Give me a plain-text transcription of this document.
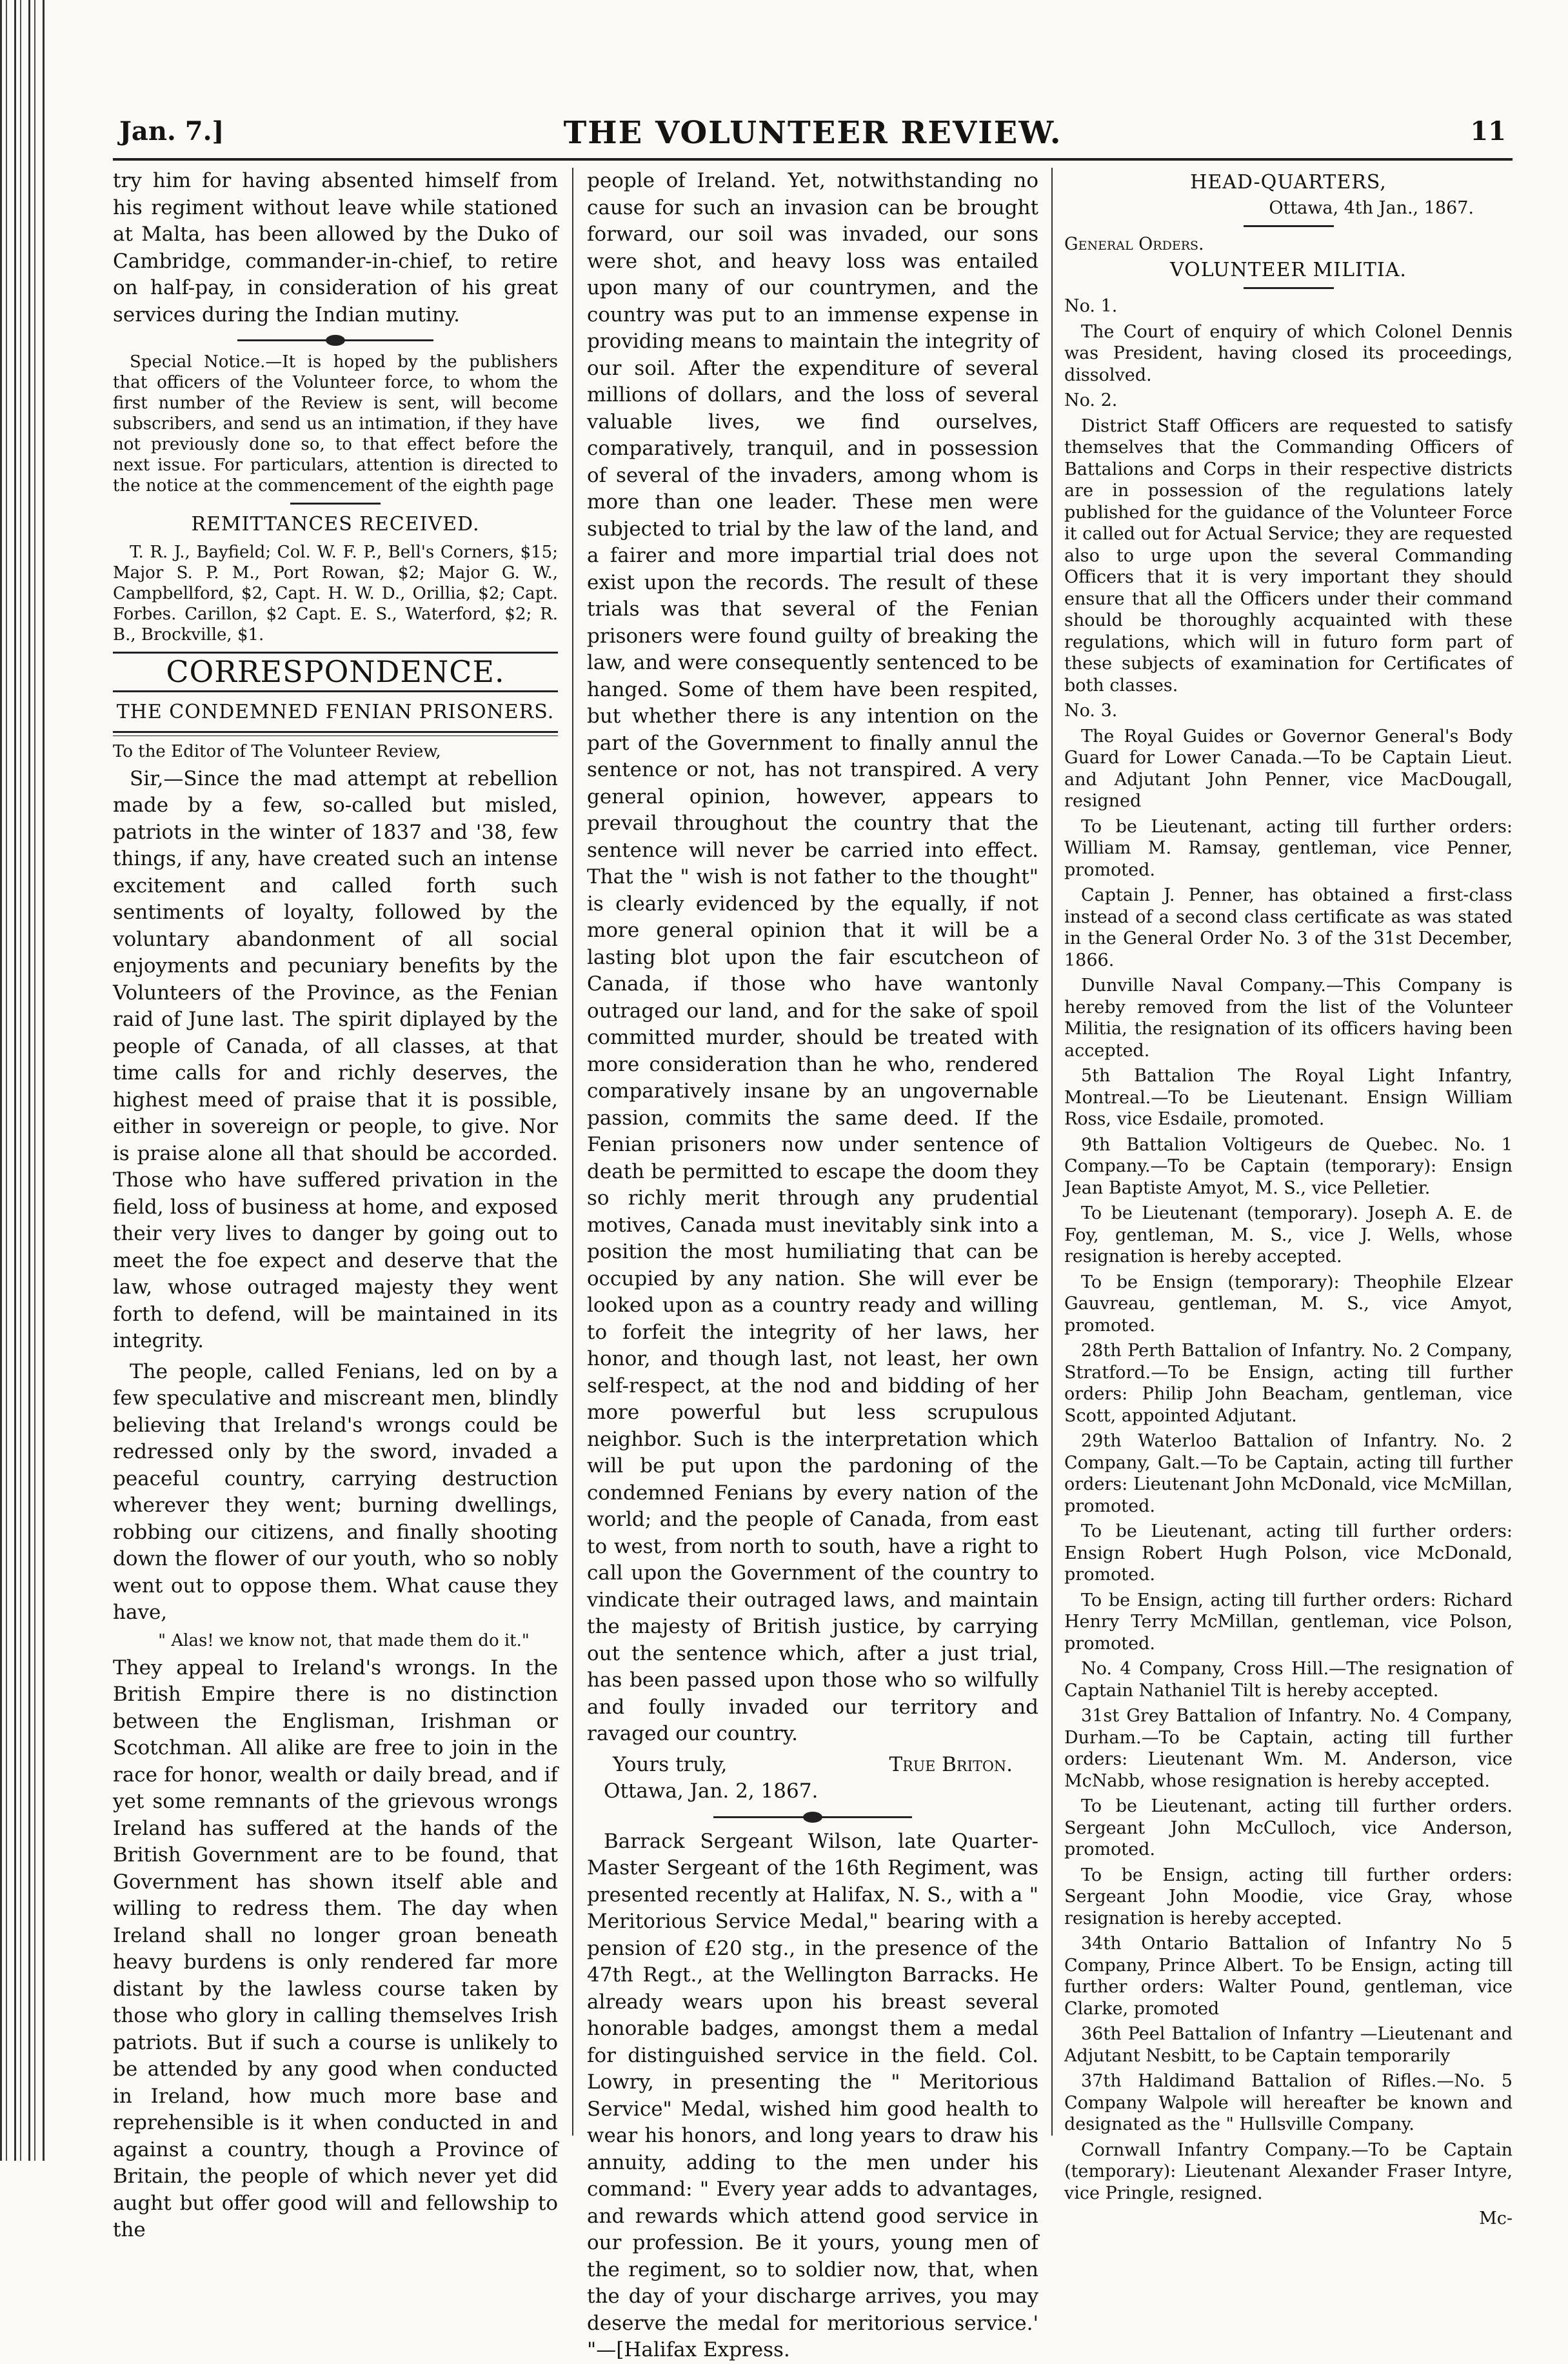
Jan. 7.]	THE VOLUNTEER REVIEW.	11

try him for having absented himself from his regiment without leave while stationed at Malta, has been allowed by the Duko of Cambridge, commander-in-chief, to retire on half-pay, in consideration of his great services during the Indian mutiny.

Special Notice.—It is hoped by the publishers that officers of the Volunteer force, to whom the first number of the Review is sent, will become subscribers, and send us an intimation, if they have not previously done so, to that effect before the next issue. For particulars, attention is directed to the notice at the commencement of the eighth page

REMITTANCES RECEIVED.

T. R. J., Bayfield; Col. W. F. P., Bell's Corners, $15; Major S. P. M., Port Rowan, $2; Major G. W., Campbellford, $2, Capt. H. W. D., Orillia, $2; Capt. Forbes. Carillon, $2 Capt. E. S., Waterford, $2; R. B., Brockville, $1.

CORRESPONDENCE.
THE CONDEMNED FENIAN PRISONERS.

To the Editor of The Volunteer Review,

Sir,—Since the mad attempt at rebellion made by a few, so-called but misled, patriots in the winter of 1837 and '38, few things, if any, have created such an intense excitement and called forth such sentiments of loyalty, followed by the voluntary abandonment of all social enjoyments and pecuniary benefits by the Volunteers of the Province, as the Fenian raid of June last. The spirit diplayed by the people of Canada, of all classes, at that time calls for and richly deserves, the highest meed of praise that it is possible, either in sovereign or people, to give. Nor is praise alone all that should be accorded. Those who have suffered privation in the field, loss of business at home, and exposed their very lives to danger by going out to meet the foe expect and deserve that the law, whose outraged majesty they went forth to defend, will be maintained in its integrity.

The people, called Fenians, led on by a few speculative and miscreant men, blindly believing that Ireland's wrongs could be redressed only by the sword, invaded a peaceful country, carrying destruction wherever they went; burning dwellings, robbing our citizens, and finally shooting down the flower of our youth, who so nobly went out to oppose them. What cause they have,

" Alas! we know not, that made them do it."

They appeal to Ireland's wrongs. In the British Empire there is no distinction between the Englisman, Irishman or Scotchman. All alike are free to join in the race for honor, wealth or daily bread, and if yet some remnants of the grievous wrongs Ireland has suffered at the hands of the British Government are to be found, that Government has shown itself able and willing to redress them. The day when Ireland shall no longer groan beneath heavy burdens is only rendered far more distant by the lawless course taken by those who glory in calling themselves Irish patriots. But if such a course is unlikely to be attended by any good when conducted in Ireland, how much more base and reprehensible is it when conducted in and against a country, though a Province of Britain, the people of which never yet did aught but offer good will and fellowship to the

people of Ireland. Yet, notwithstanding no cause for such an invasion can be brought forward, our soil was invaded, our sons were shot, and heavy loss was entailed upon many of our countrymen, and the country was put to an immense expense in providing means to maintain the integrity of our soil. After the expenditure of several millions of dollars, and the loss of several valuable lives, we find ourselves, comparatively, tranquil, and in possession of several of the invaders, among whom is more than one leader. These men were subjected to trial by the law of the land, and a fairer and more impartial trial does not exist upon the records. The result of these trials was that several of the Fenian prisoners were found guilty of breaking the law, and were consequently sentenced to be hanged. Some of them have been respited, but whether there is any intention on the part of the Government to finally annul the sentence or not, has not transpired. A very general opinion, however, appears to prevail throughout the country that the sentence will never be carried into effect. That the " wish is not father to the thought" is clearly evidenced by the equally, if not more general opinion that it will be a lasting blot upon the fair escutcheon of Canada, if those who have wantonly outraged our land, and for the sake of spoil committed murder, should be treated with more consideration than he who, rendered comparatively insane by an ungovernable passion, commits the same deed. If the Fenian prisoners now under sentence of death be permitted to escape the doom they so richly merit through any prudential motives, Canada must inevitably sink into a position the most humiliating that can be occupied by any nation. She will ever be looked upon as a country ready and willing to forfeit the integrity of her laws, her honor, and though last, not least, her own self-respect, at the nod and bidding of her more powerful but less scrupulous neighbor. Such is the interpretation which will be put upon the pardoning of the condemned Fenians by every nation of the world; and the people of Canada, from east to west, from north to south, have a right to call upon the Government of the country to vindicate their outraged laws, and maintain the majesty of British justice, by carrying out the sentence which, after a just trial, has been passed upon those who so wilfully and foully invaded our territory and ravaged our country.

Yours truly,	True Briton.

Ottawa, Jan. 2, 1867.

Barrack Sergeant Wilson, late Quarter-Master Sergeant of the 16th Regiment, was presented recently at Halifax, N. S., with a " Meritorious Service Medal," bearing with a pension of £20 stg., in the presence of the 47th Regt., at the Wellington Barracks. He already wears upon his breast several honorable badges, amongst them a medal for distinguished service in the field. Col. Lowry, in presenting the " Meritorious Service" Medal, wished him good health to wear his honors, and long years to draw his annuity, adding to the men under his command: " Every year adds to advantages, and rewards which attend good service in our profession. Be it yours, young men of the regiment, so to soldier now, that, when the day of your discharge arrives, you may deserve the medal for meritorious service.' "—[Halifax Express.

HEAD-QUARTERS,
Ottawa, 4th Jan., 1867.

General Orders.

VOLUNTEER MILITIA.

No. 1.

The Court of enquiry of which Colonel Dennis was President, having closed its proceedings, dissolved.

No. 2.

District Staff Officers are requested to satisfy themselves that the Commanding Officers of Battalions and Corps in their respective districts are in possession of the regulations lately published for the guidance of the Volunteer Force it called out for Actual Service; they are requested also to urge upon the several Commanding Officers that it is very important they should ensure that all the Officers under their command should be thoroughly acquainted with these regulations, which will in futuro form part of these subjects of examination for Certificates of both classes.

No. 3.

The Royal Guides or Governor General's Body Guard for Lower Canada.—To be Captain Lieut. and Adjutant John Penner, vice MacDougall, resigned

To be Lieutenant, acting till further orders: William M. Ramsay, gentleman, vice Penner, promoted.

Captain J. Penner, has obtained a first-class instead of a second class certificate as was stated in the General Order No. 3 of the 31st December, 1866.

Dunville Naval Company.—This Company is hereby removed from the list of the Volunteer Militia, the resignation of its officers having been accepted.

5th Battalion The Royal Light Infantry, Montreal.—To be Lieutenant. Ensign William Ross, vice Esdaile, promoted.

9th Battalion Voltigeurs de Quebec. No. 1 Company.—To be Captain (temporary): Ensign Jean Baptiste Amyot, M. S., vice Pelletier.

To be Lieutenant (temporary). Joseph A. E. de Foy, gentleman, M. S., vice J. Wells, whose resignation is hereby accepted.

To be Ensign (temporary): Theophile Elzear Gauvreau, gentleman, M. S., vice Amyot, promoted.

28th Perth Battalion of Infantry. No. 2 Company, Stratford.—To be Ensign, acting till further orders: Philip John Beacham, gentleman, vice Scott, appointed Adjutant.

29th Waterloo Battalion of Infantry. No. 2 Company, Galt.—To be Captain, acting till further orders: Lieutenant John McDonald, vice McMillan, promoted.

To be Lieutenant, acting till further orders: Ensign Robert Hugh Polson, vice McDonald, promoted.

To be Ensign, acting till further orders: Richard Henry Terry McMillan, gentleman, vice Polson, promoted.

No. 4 Company, Cross Hill.—The resignation of Captain Nathaniel Tilt is hereby accepted.

31st Grey Battalion of Infantry. No. 4 Company, Durham.—To be Captain, acting till further orders: Lieutenant Wm. M. Anderson, vice McNabb, whose resignation is hereby accepted.

To be Lieutenant, acting till further orders. Sergeant John McCulloch, vice Anderson, promoted.

To be Ensign, acting till further orders: Sergeant John Moodie, vice Gray, whose resignation is hereby accepted.

34th Ontario Battalion of Infantry No 5 Company, Prince Albert. To be Ensign, acting till further orders: Walter Pound, gentleman, vice Clarke, promoted

36th Peel Battalion of Infantry —Lieutenant and Adjutant Nesbitt, to be Captain temporarily

37th Haldimand Battalion of Rifles.—No. 5 Company Walpole will hereafter be known and designated as the " Hullsville Company.

Cornwall Infantry Company.—To be Captain (temporary): Lieutenant Alexander Fraser Intyre, vice Pringle, resigned.

Mc-
